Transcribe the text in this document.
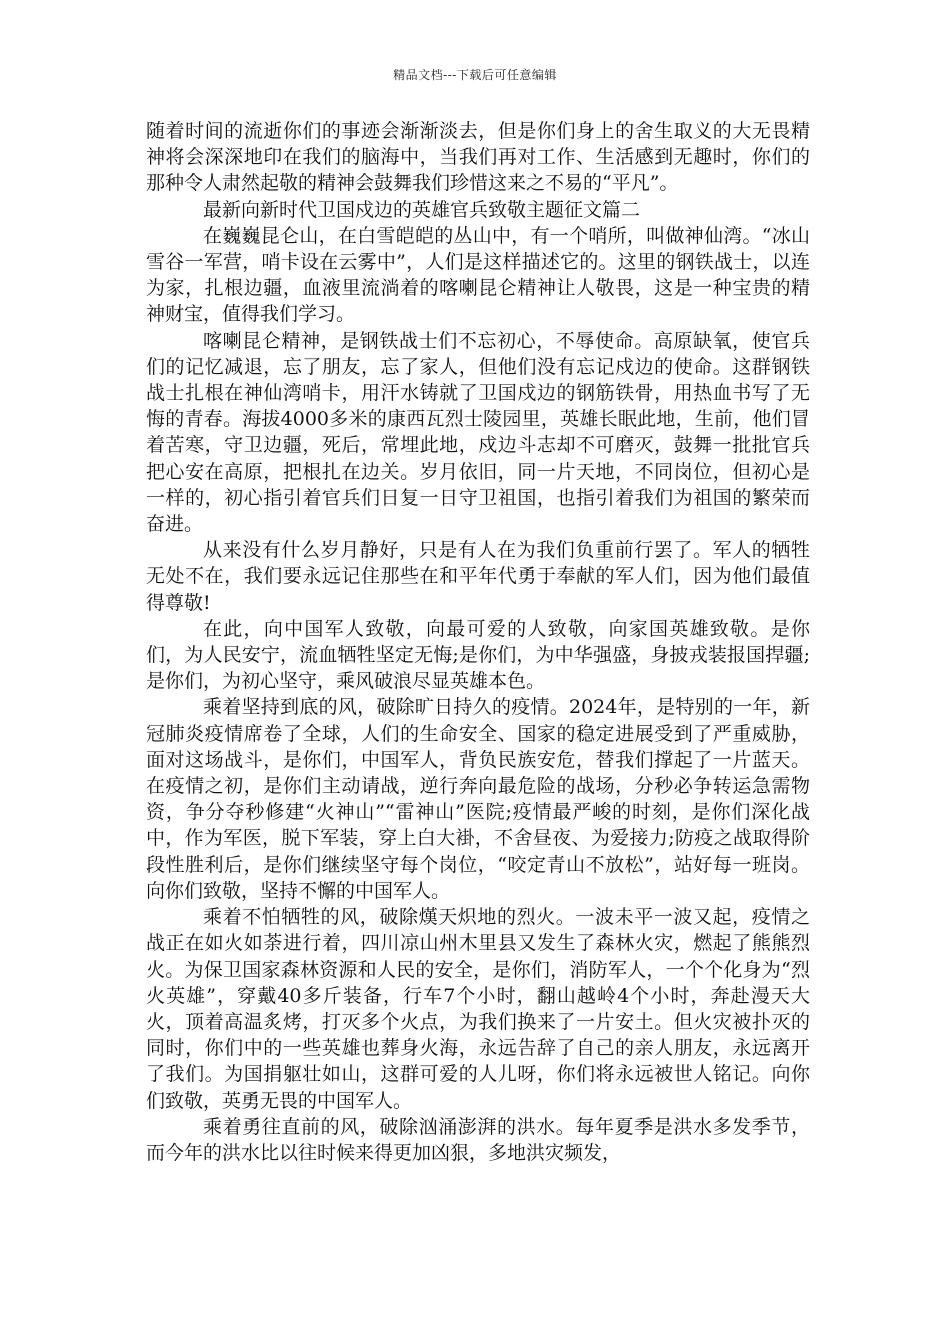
精品文档---下载后可任意编辑

随着时间的流逝你们的事迹会渐渐淡去，但是你们身上的舍生取义的大无畏精神将会深深地印在我们的脑海中，当我们再对工作、生活感到无趣时，你们的那种令人肃然起敬的精神会鼓舞我们珍惜这来之不易的“平凡”。

最新向新时代卫国戍边的英雄官兵致敬主题征文篇二

在巍巍昆仑山，在白雪皑皑的丛山中，有一个哨所，叫做神仙湾。“冰山雪谷一军营，哨卡设在云雾中”，人们是这样描述它的。这里的钢铁战士，以连为家，扎根边疆，血液里流淌着的喀喇昆仑精神让人敬畏，这是一种宝贵的精神财宝，值得我们学习。

喀喇昆仑精神，是钢铁战士们不忘初心，不辱使命。高原缺氧，使官兵们的记忆减退，忘了朋友，忘了家人，但他们没有忘记戍边的使命。这群钢铁战士扎根在神仙湾哨卡，用汗水铸就了卫国戍边的钢筋铁骨，用热血书写了无悔的青春。海拔4000多米的康西瓦烈士陵园里，英雄长眠此地，生前，他们冒着苦寒，守卫边疆，死后，常埋此地，戍边斗志却不可磨灭，鼓舞一批批官兵把心安在高原，把根扎在边关。岁月依旧，同一片天地，不同岗位，但初心是一样的，初心指引着官兵们日复一日守卫祖国，也指引着我们为祖国的繁荣而奋进。

从来没有什么岁月静好，只是有人在为我们负重前行罢了。军人的牺牲无处不在，我们要永远记住那些在和平年代勇于奉献的军人们，因为他们最值得尊敬!

在此，向中国军人致敬，向最可爱的人致敬，向家国英雄致敬。是你们，为人民安宁，流血牺牲坚定无悔;是你们，为中华强盛，身披戎装报国捍疆;是你们，为初心坚守，乘风破浪尽显英雄本色。

乘着坚持到底的风，破除旷日持久的疫情。2024年，是特别的一年，新冠肺炎疫情席卷了全球，人们的生命安全、国家的稳定进展受到了严重威胁，面对这场战斗，是你们，中国军人，背负民族安危，替我们撑起了一片蓝天。在疫情之初，是你们主动请战，逆行奔向最危险的战场，分秒必争转运急需物资，争分夺秒修建“火神山”“雷神山”医院;疫情最严峻的时刻，是你们深化战中，作为军医，脱下军装，穿上白大褂，不舍昼夜、为爱接力;防疫之战取得阶段性胜利后，是你们继续坚守每个岗位，“咬定青山不放松”，站好每一班岗。向你们致敬，坚持不懈的中国军人。

乘着不怕牺牲的风，破除熯天炽地的烈火。一波未平一波又起，疫情之战正在如火如荼进行着，四川凉山州木里县又发生了森林火灾，燃起了熊熊烈火。为保卫国家森林资源和人民的安全，是你们，消防军人，一个个化身为“烈火英雄”，穿戴40多斤装备，行车7个小时，翻山越岭4个小时，奔赴漫天大火，顶着高温炙烤，打灭多个火点，为我们换来了一片安土。但火灾被扑灭的同时，你们中的一些英雄也葬身火海，永远告辞了自己的亲人朋友，永远离开了我们。为国捐躯壮如山，这群可爱的人儿呀，你们将永远被世人铭记。向你们致敬，英勇无畏的中国军人。

乘着勇往直前的风，破除汹涌澎湃的洪水。每年夏季是洪水多发季节，而今年的洪水比以往时候来得更加凶狠，多地洪灾频发，
